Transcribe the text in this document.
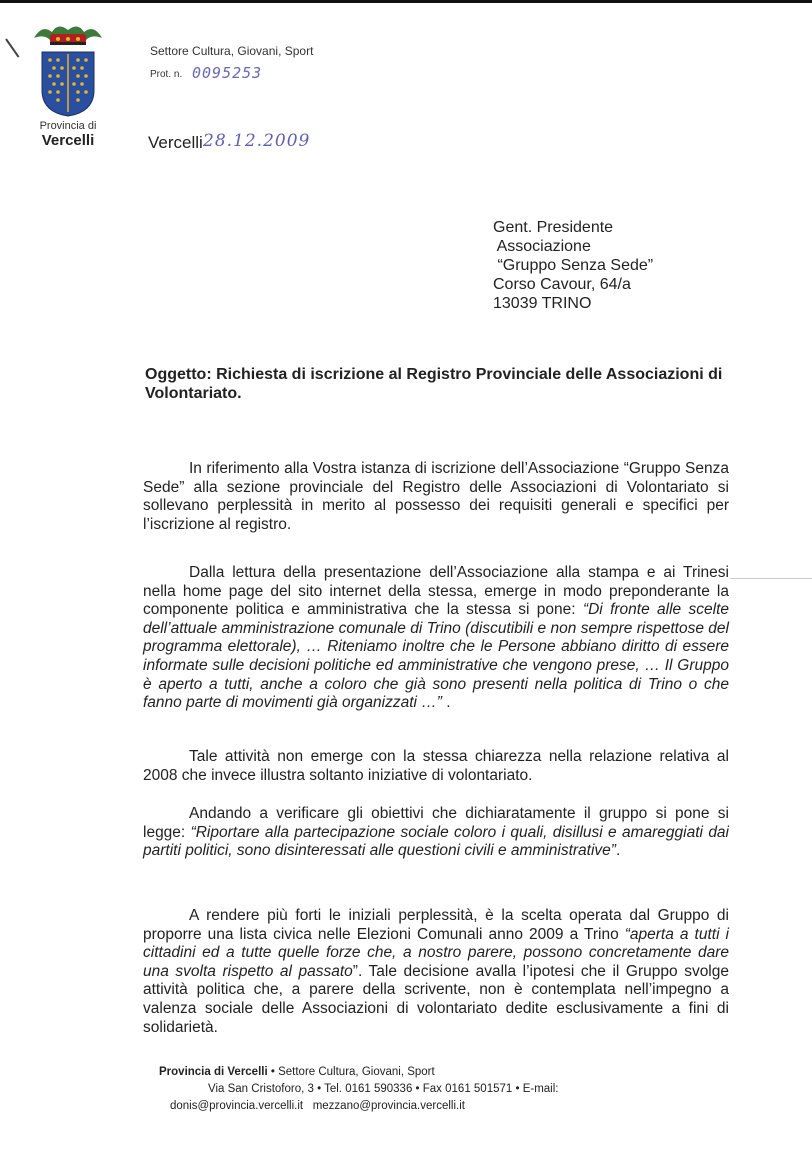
Provincia di
Vercelli
Settore Cultura, Giovani, Sport
Prot. n. 0095253
Vercelli 28.12.2009
Gent. Presidente
Associazione
“Gruppo Senza Sede”
Corso Cavour, 64/a
13039 TRINO
Oggetto: Richiesta di iscrizione al Registro Provinciale delle Associazioni di Volontariato.
In riferimento alla Vostra istanza di iscrizione dell’Associazione “Gruppo Senza Sede” alla sezione provinciale del Registro delle Associazioni di Volontariato si sollevano perplessità in merito al possesso dei requisiti generali e specifici per l’iscrizione al registro.
Dalla lettura della presentazione dell’Associazione alla stampa e ai Trinesi nella home page del sito internet della stessa, emerge in modo preponderante la componente politica e amministrativa che la stessa si pone: “Di fronte alle scelte dell’attuale amministrazione comunale di Trino (discutibili e non sempre rispettose del programma elettorale), … Riteniamo inoltre che le Persone abbiano diritto di essere informate sulle decisioni politiche ed amministrative che vengono prese, … Il Gruppo è aperto a tutti, anche a coloro che già sono presenti nella politica di Trino o che fanno parte di movimenti già organizzati …” .
Tale attività non emerge con la stessa chiarezza nella relazione relativa al 2008 che invece illustra soltanto iniziative di volontariato.
Andando a verificare gli obiettivi che dichiaratamente il gruppo si pone si legge: “Riportare alla partecipazione sociale coloro i quali, disillusi e amareggiati dai partiti politici, sono disinteressati alle questioni civili e amministrative”.
A rendere più forti le iniziali perplessità, è la scelta operata dal Gruppo di proporre una lista civica nelle Elezioni Comunali anno 2009 a Trino “aperta a tutti i cittadini ed a tutte quelle forze che, a nostro parere, possono concretamente dare una svolta rispetto al passato”. Tale decisione avalla l’ipotesi che il Gruppo svolge attività politica che, a parere della scrivente, non è contemplata nell’impegno a valenza sociale delle Associazioni di volontariato dedite esclusivamente a fini di solidarietà.
Provincia di Vercelli • Settore Cultura, Giovani, Sport
Via San Cristoforo, 3 • Tel. 0161 590336 • Fax 0161 501571 • E-mail:
donis@provincia.vercelli.it   mezzano@provincia.vercelli.it
